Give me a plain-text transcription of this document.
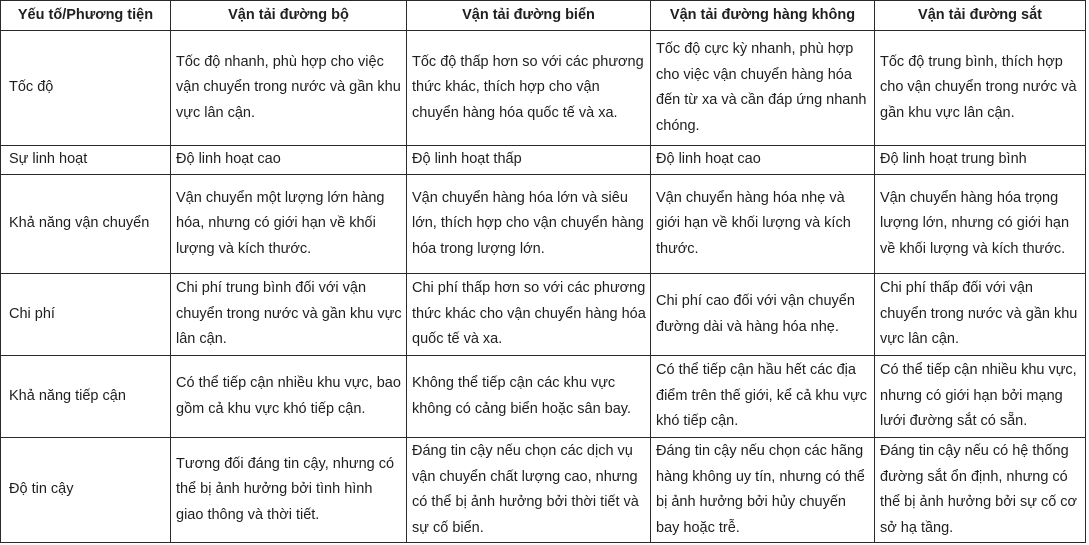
Yếu tố/Phương tiện	Vận tải đường bộ	Vận tải đường biển	Vận tải đường hàng không	Vận tải đường sắt
Tốc độ	Tốc độ nhanh, phù hợp cho việc vận chuyển trong nước và gần khu vực lân cận.	Tốc độ thấp hơn so với các phương thức khác, thích hợp cho vận chuyển hàng hóa quốc tế và xa.	Tốc độ cực kỳ nhanh, phù hợp cho việc vận chuyển hàng hóa đến từ xa và cần đáp ứng nhanh chóng.	Tốc độ trung bình, thích hợp cho vận chuyển trong nước và gần khu vực lân cận.
Sự linh hoạt	Độ linh hoạt cao	Độ linh hoạt thấp	Độ linh hoạt cao	Độ linh hoạt trung bình
Khả năng vận chuyển	Vận chuyển một lượng lớn hàng hóa, nhưng có giới hạn về khối lượng và kích thước.	Vận chuyển hàng hóa lớn và siêu lớn, thích hợp cho vận chuyển hàng hóa trong lượng lớn.	Vận chuyển hàng hóa nhẹ và giới hạn về khối lượng và kích thước.	Vận chuyển hàng hóa trọng lượng lớn, nhưng có giới hạn về khối lượng và kích thước.
Chi phí	Chi phí trung bình đối với vận chuyển trong nước và gần khu vực lân cận.	Chi phí thấp hơn so với các phương thức khác cho vận chuyển hàng hóa quốc tế và xa.	Chi phí cao đối với vận chuyển đường dài và hàng hóa nhẹ.	Chi phí thấp đối với vận chuyển trong nước và gần khu vực lân cận.
Khả năng tiếp cận	Có thể tiếp cận nhiều khu vực, bao gồm cả khu vực khó tiếp cận.	Không thể tiếp cận các khu vực không có cảng biển hoặc sân bay.	Có thể tiếp cận hầu hết các địa điểm trên thế giới, kể cả khu vực khó tiếp cận.	Có thể tiếp cận nhiều khu vực, nhưng có giới hạn bởi mạng lưới đường sắt có sẵn.
Độ tin cậy	Tương đối đáng tin cậy, nhưng có thể bị ảnh hưởng bởi tình hình giao thông và thời tiết.	Đáng tin cậy nếu chọn các dịch vụ vận chuyển chất lượng cao, nhưng có thể bị ảnh hưởng bởi thời tiết và sự cố biển.	Đáng tin cậy nếu chọn các hãng hàng không uy tín, nhưng có thể bị ảnh hưởng bởi hủy chuyến bay hoặc trễ.	Đáng tin cậy nếu có hệ thống đường sắt ổn định, nhưng có thể bị ảnh hưởng bởi sự cố cơ sở hạ tầng.
